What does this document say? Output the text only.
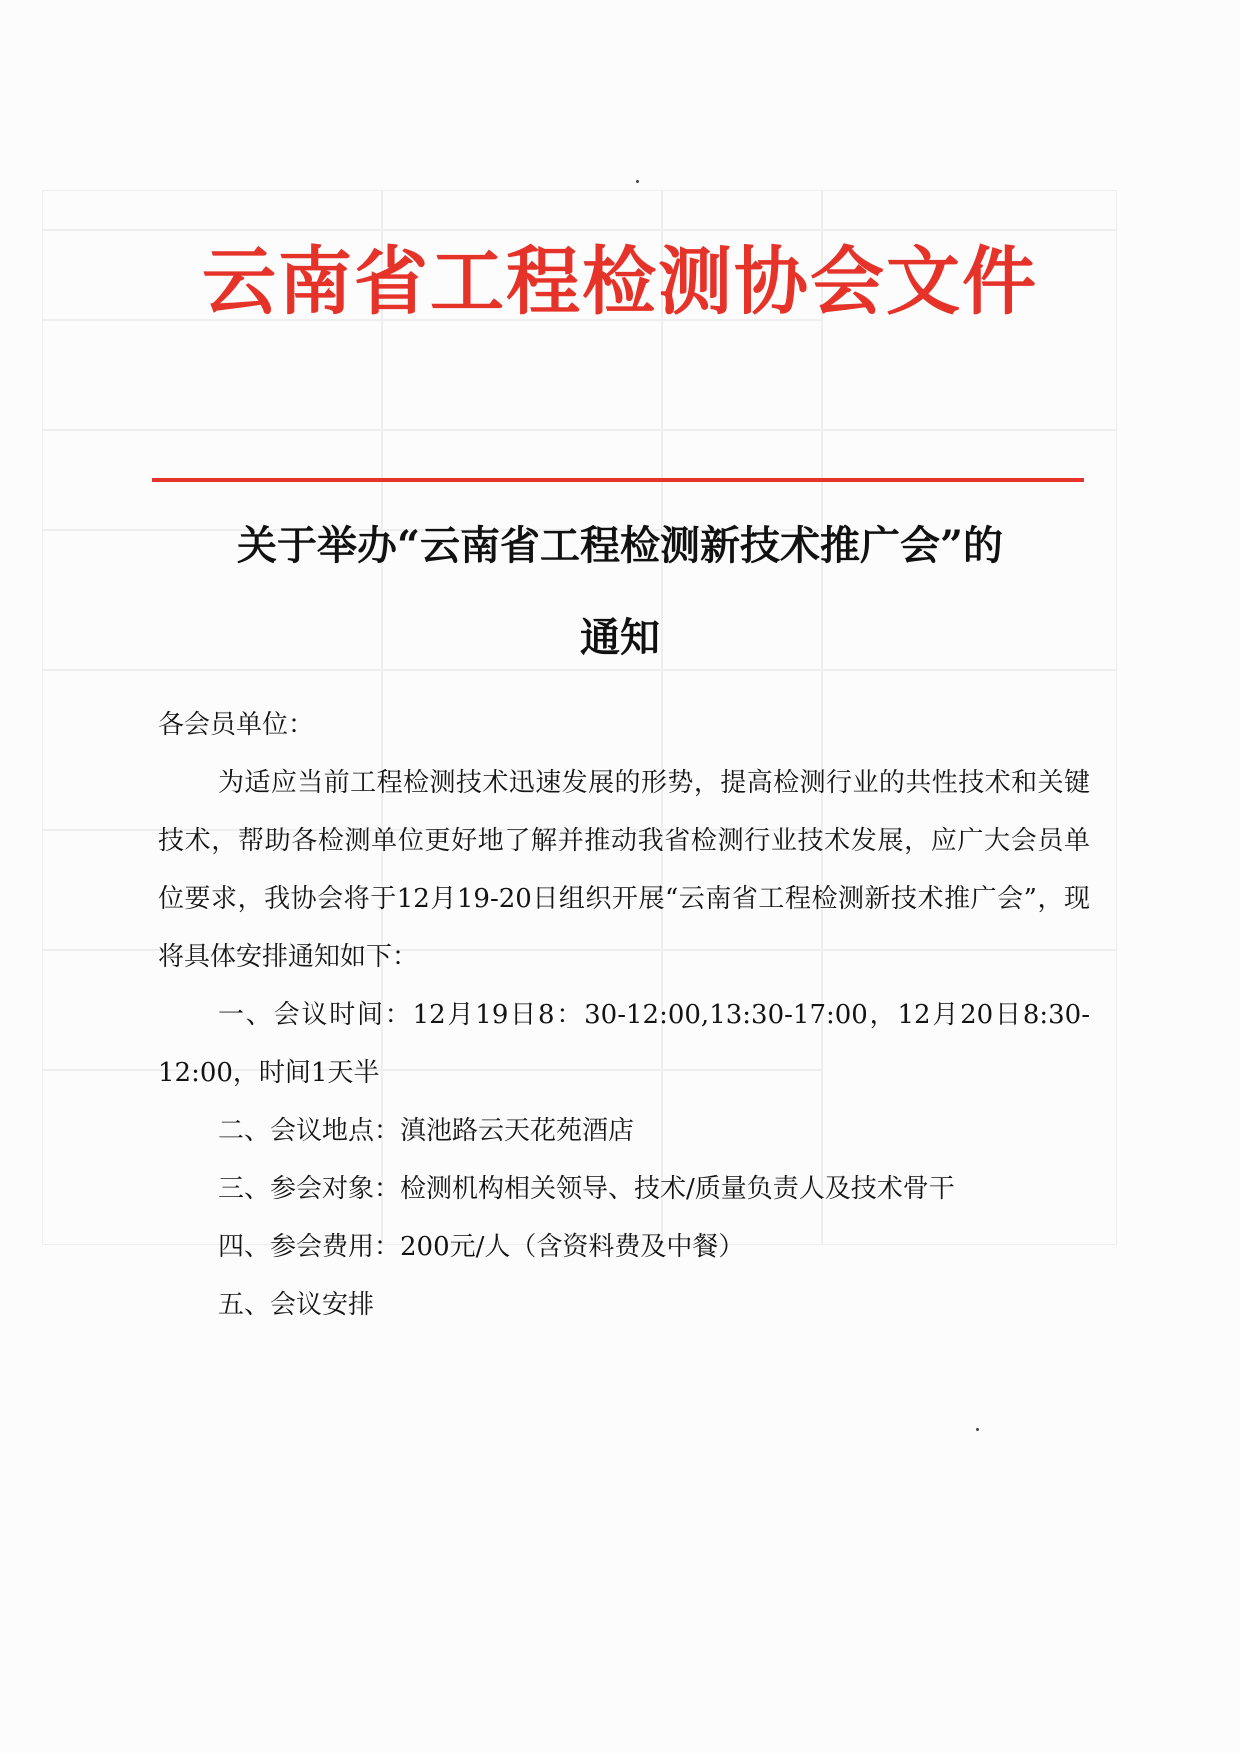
云南省工程检测协会文件
关于举办“云南省工程检测新技术推广会”的
通知

各会员单位：

为适应当前工程检测技术迅速发展的形势，提高检测行业的共性技术和关键技术，帮助各检测单位更好地了解并推动我省检测行业技术发展，应广大会员单位要求，我协会将于12月19-20日组织开展“云南省工程检测新技术推广会”，现将具体安排通知如下：

一、会议时间：12月19日8：30-12:00,13:30-17:00，12月20日8:30-12:00，时间1天半

二、会议地点：滇池路云天花苑酒店

三、参会对象：检测机构相关领导、技术/质量负责人及技术骨干

四、参会费用：200元/人（含资料费及中餐）

五、会议安排
